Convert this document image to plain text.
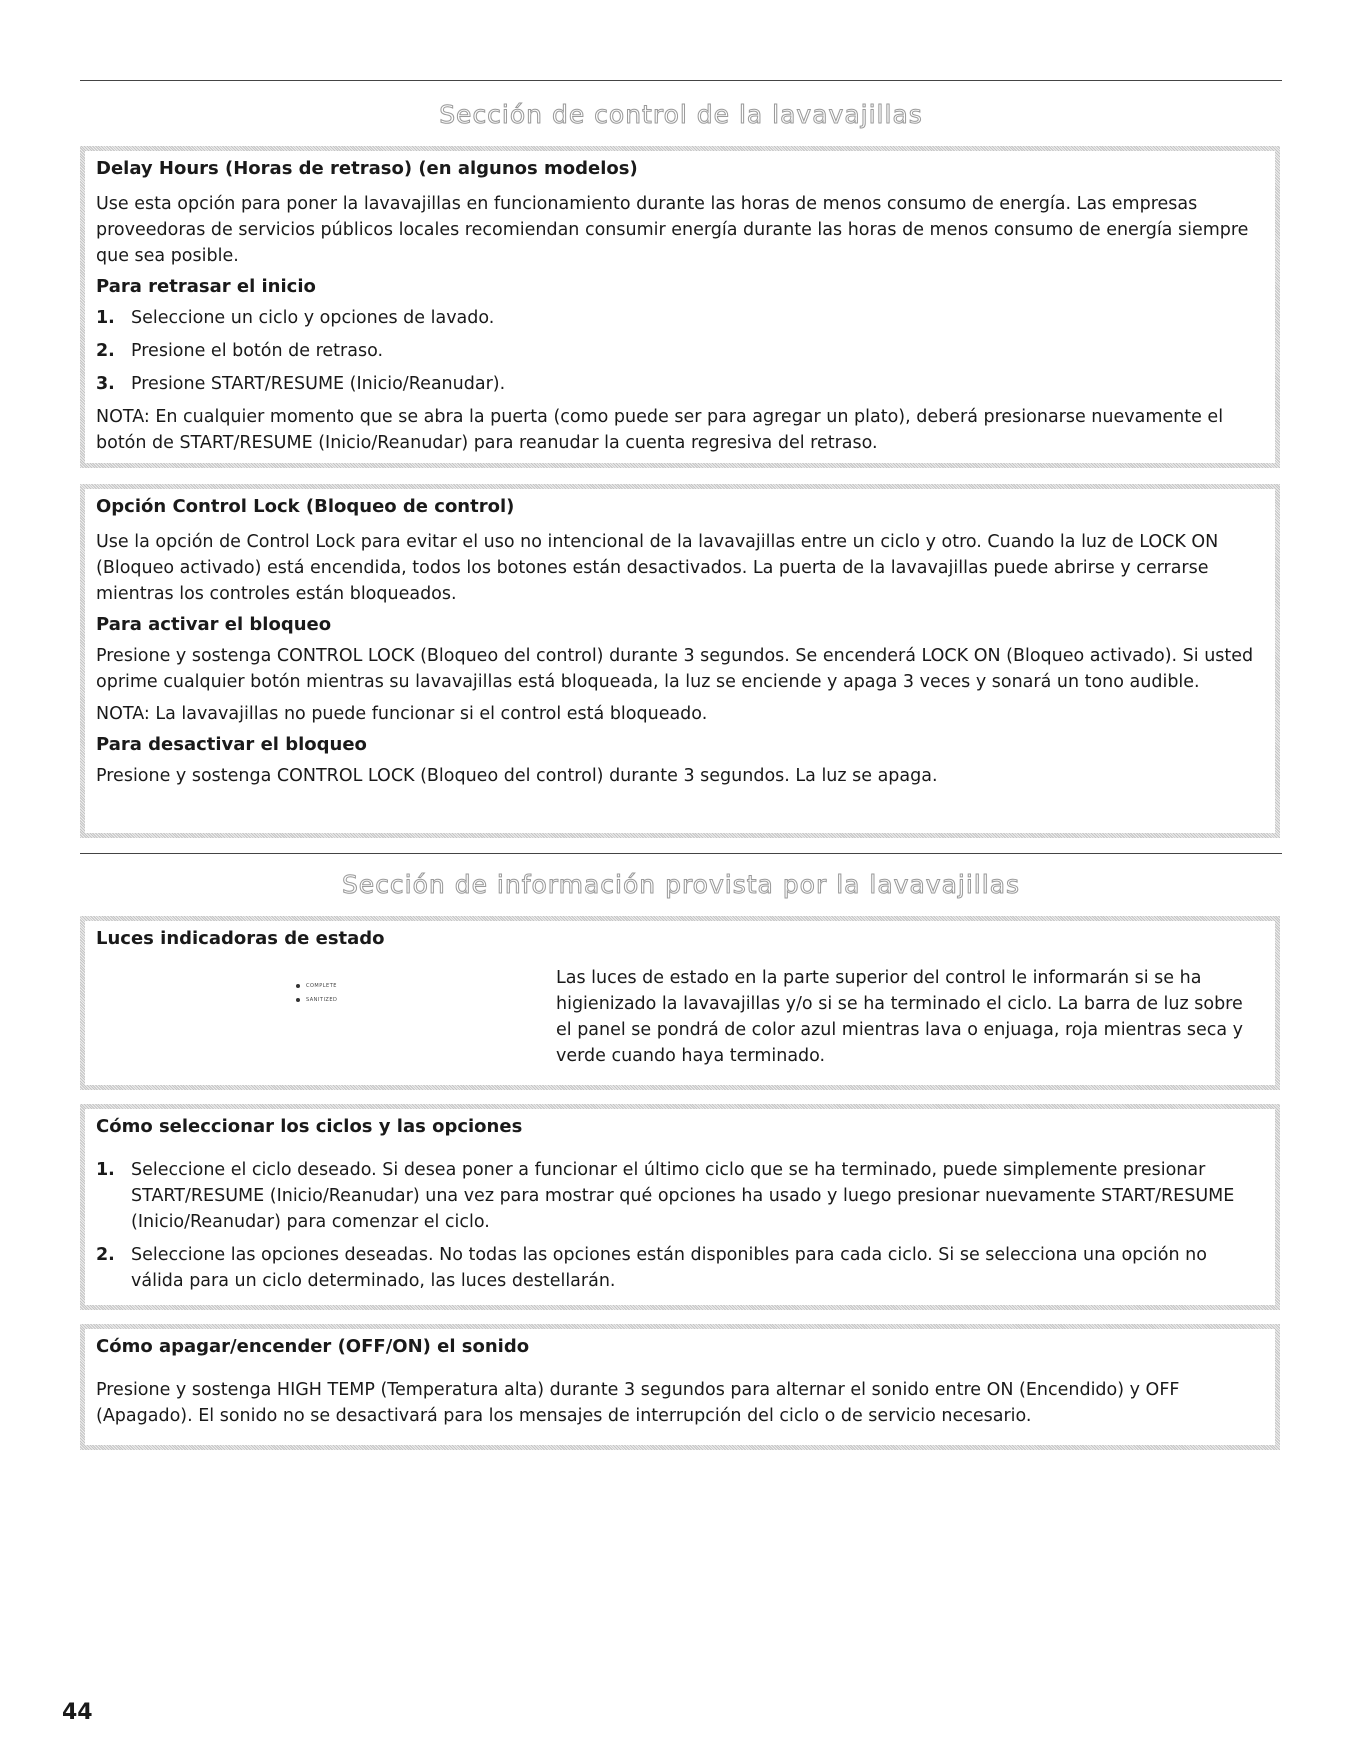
Sección de control de la lavavajillas
Delay Hours (Horas de retraso) (en algunos modelos)

Use esta opción para poner la lavavajillas en funcionamiento durante las horas de menos consumo de energía. Las empresas proveedoras de servicios públicos locales recomiendan consumir energía durante las horas de menos consumo de energía siempre que sea posible.

Para retrasar el inicio
1. Seleccione un ciclo y opciones de lavado.
2. Presione el botón de retraso.
3. Presione START/RESUME (Inicio/Reanudar).

NOTA: En cualquier momento que se abra la puerta (como puede ser para agregar un plato), deberá presionarse nuevamente el botón de START/RESUME (Inicio/Reanudar) para reanudar la cuenta regresiva del retraso.

Opción Control Lock (Bloqueo de control)

Use la opción de Control Lock para evitar el uso no intencional de la lavavajillas entre un ciclo y otro. Cuando la luz de LOCK ON (Bloqueo activado) está encendida, todos los botones están desactivados. La puerta de la lavavajillas puede abrirse y cerrarse mientras los controles están bloqueados.

Para activar el bloqueo

Presione y sostenga CONTROL LOCK (Bloqueo del control) durante 3 segundos. Se encenderá LOCK ON (Bloqueo activado). Si usted oprime cualquier botón mientras su lavavajillas está bloqueada, la luz se enciende y apaga 3 veces y sonará un tono audible.

NOTA: La lavavajillas no puede funcionar si el control está bloqueado.

Para desactivar el bloqueo

Presione y sostenga CONTROL LOCK (Bloqueo del control) durante 3 segundos. La luz se apaga.

Sección de información provista por la lavavajillas
Luces indicadoras de estado
COMPLETE
SANITIZED

Las luces de estado en la parte superior del control le informarán si se ha higienizado la lavavajillas y/o si se ha terminado el ciclo. La barra de luz sobre el panel se pondrá de color azul mientras lava o enjuaga, roja mientras seca y verde cuando haya terminado.

Cómo seleccionar los ciclos y las opciones
1. Seleccione el ciclo deseado. Si desea poner a funcionar el último ciclo que se ha terminado, puede simplemente presionar START/RESUME (Inicio/Reanudar) una vez para mostrar qué opciones ha usado y luego presionar nuevamente START/RESUME (Inicio/Reanudar) para comenzar el ciclo.
2. Seleccione las opciones deseadas. No todas las opciones están disponibles para cada ciclo. Si se selecciona una opción no válida para un ciclo determinado, las luces destellarán.
Cómo apagar/encender (OFF/ON) el sonido

Presione y sostenga HIGH TEMP (Temperatura alta) durante 3 segundos para alternar el sonido entre ON (Encendido) y OFF (Apagado). El sonido no se desactivará para los mensajes de interrupción del ciclo o de servicio necesario.

44
